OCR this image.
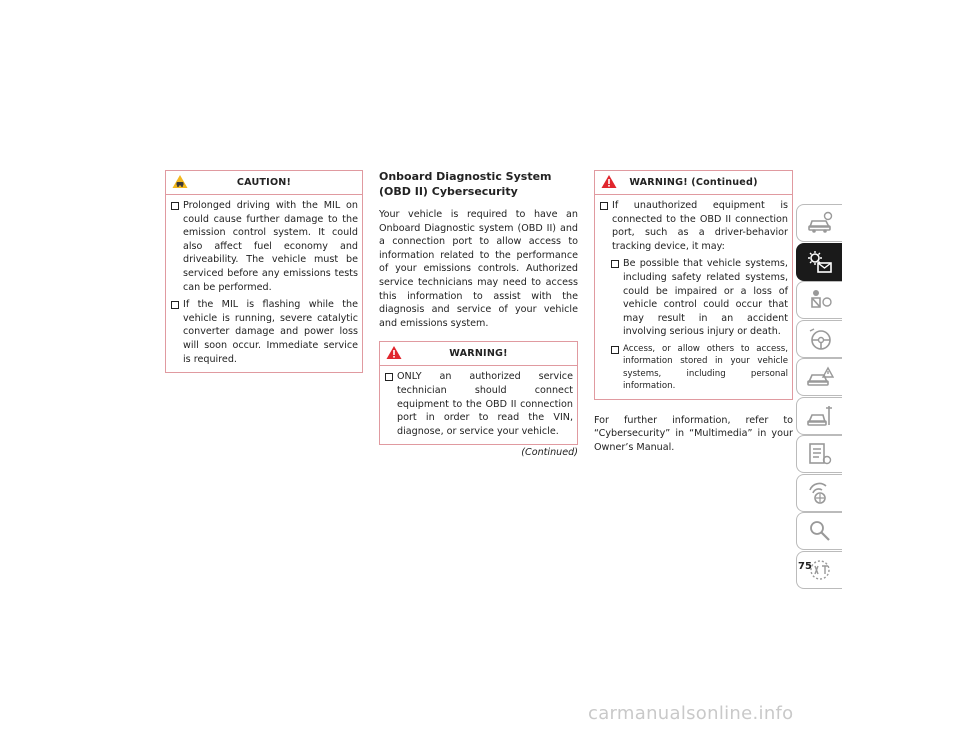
CAUTION!
Prolonged driving with the MIL on could cause further damage to the emission control system. It could also affect fuel economy and driveability. The vehicle must be serviced before any emissions tests can be performed.
If the MIL is flashing while the vehicle is running, severe catalytic converter damage and power loss will soon occur. Immediate service is required.
Onboard Diagnostic System (OBD II) Cybersecurity
Your vehicle is required to have an Onboard Diagnostic system (OBD II) and a connection port to allow access to information related to the performance of your emissions controls. Authorized service technicians may need to access this information to assist with the diagnosis and service of your vehicle and emissions system.
WARNING!
ONLY an authorized service technician should connect equipment to the OBD II connection port in order to read the VIN, diagnose, or service your vehicle.
(Continued)
WARNING! (Continued)
If unauthorized equipment is connected to the OBD II connection port, such as a driver-behavior tracking device, it may:
Be possible that vehicle systems, including safety related systems, could be impaired or a loss of vehicle control could occur that may result in an accident involving serious injury or death.
Access, or allow others to access, information stored in your vehicle systems, including personal information.
For further information, refer to “Cybersecurity” in “Multimedia” in your Owner’s Manual.
75
carmanualsonline.info
